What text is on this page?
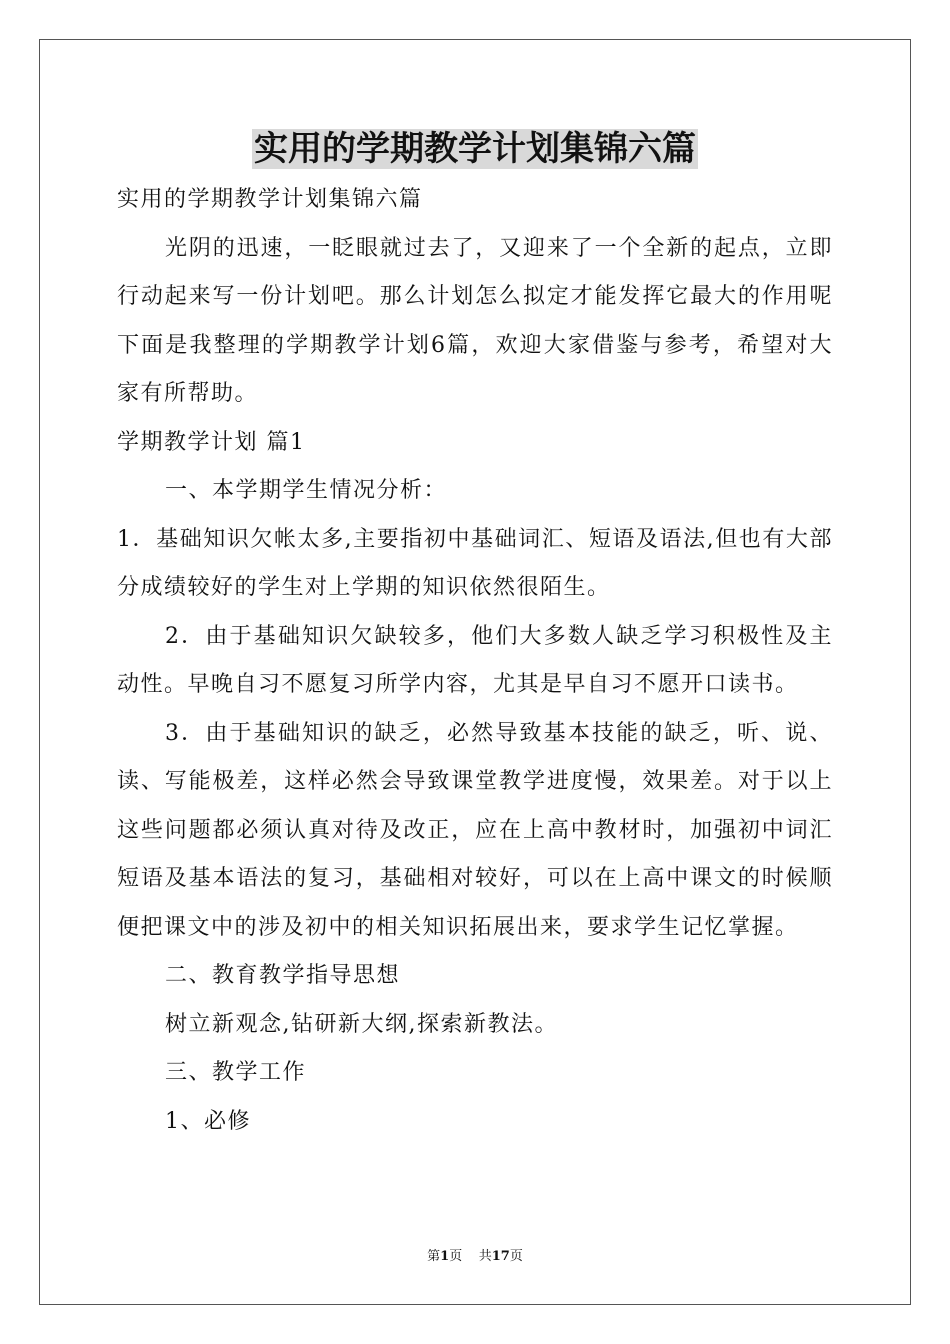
实用的学期教学计划集锦六篇

实用的学期教学计划集锦六篇

光阴的迅速，一眨眼就过去了，又迎来了一个全新的起点，立即行动起来写一份计划吧。那么计划怎么拟定才能发挥它最大的作用呢下面是我整理的学期教学计划6篇，欢迎大家借鉴与参考，希望对大家有所帮助。

学期教学计划 篇1

一、本学期学生情况分析：

1．基础知识欠帐太多,主要指初中基础词汇、短语及语法,但也有大部分成绩较好的学生对上学期的知识依然很陌生。

2．由于基础知识欠缺较多，他们大多数人缺乏学习积极性及主动性。早晚自习不愿复习所学内容，尤其是早自习不愿开口读书。

3．由于基础知识的缺乏，必然导致基本技能的缺乏，听、说、读、写能极差，这样必然会导致课堂教学进度慢，效果差。对于以上这些问题都必须认真对待及改正，应在上高中教材时，加强初中词汇短语及基本语法的复习，基础相对较好，可以在上高中课文的时候顺便把课文中的涉及初中的相关知识拓展出来，要求学生记忆掌握。

二、教育教学指导思想

树立新观念,钻研新大纲,探索新教法。

三、教学工作

1、必修

第1页 共17页
